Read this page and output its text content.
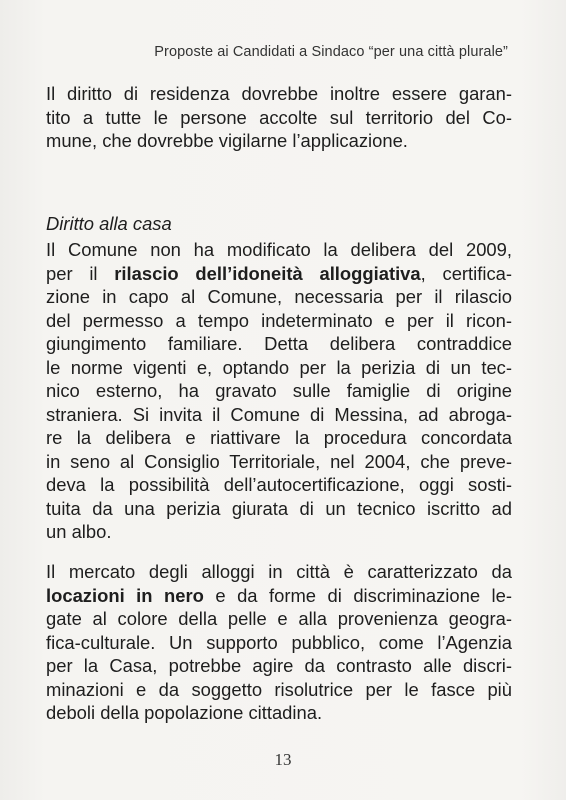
Proposte ai Candidati a Sindaco “per una città plurale”
Il diritto di residenza dovrebbe inoltre essere garan-
tito a tutte le persone accolte sul territorio del Co-
mune, che dovrebbe vigilarne l’applicazione.
Diritto alla casa
Il Comune non ha modificato la delibera del 2009,
per il rilascio dell’idoneità alloggiativa, certifica-
zione in capo al Comune, necessaria per il rilascio
del permesso a tempo indeterminato e per il ricon-
giungimento familiare. Detta delibera contraddice
le norme vigenti e, optando per la perizia di un tec-
nico esterno, ha gravato sulle famiglie di origine
straniera. Si invita il Comune di Messina, ad abroga-
re la delibera e riattivare la procedura concordata
in seno al Consiglio Territoriale, nel 2004, che preve-
deva la possibilità dell’autocertificazione, oggi sosti-
tuita da una perizia giurata di un tecnico iscritto ad
un albo.
Il mercato degli alloggi in città è caratterizzato da
locazioni in nero e da forme di discriminazione le-
gate al colore della pelle e alla provenienza geogra-
fica-culturale. Un supporto pubblico, come l’Agenzia
per la Casa, potrebbe agire da contrasto alle discri-
minazioni e da soggetto risolutrice per le fasce più
deboli della popolazione cittadina.
13
